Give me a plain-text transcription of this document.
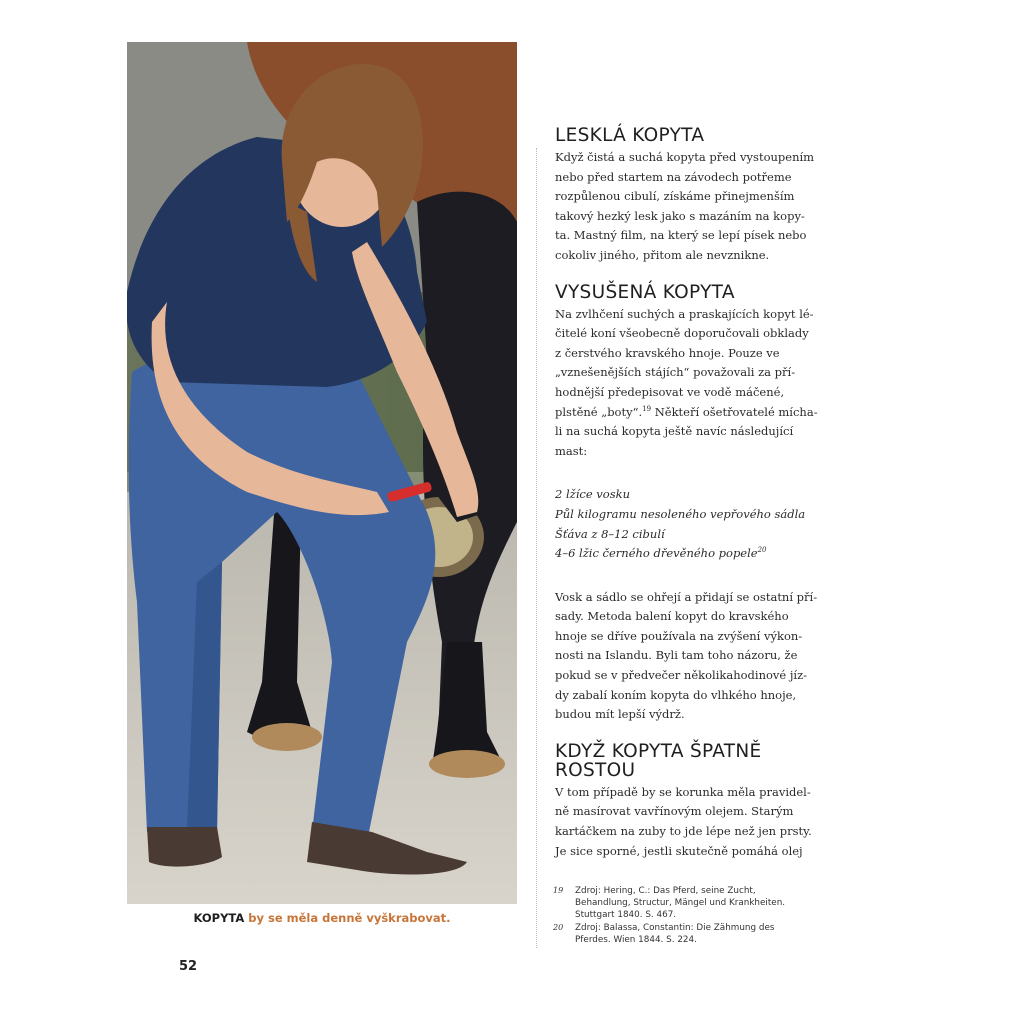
KOPYTA by se měla denně vyškrabovat.
52
LESKLÁ KOPYTA

Když čistá a suchá kopyta před vystoupením
nebo před startem na závodech potřeme
rozpůlenou cibulí, získáme přinejmenším
takový hezký lesk jako s mazáním na kopy-
ta. Mastný film, na který se lepí písek nebo
cokoliv jiného, přitom ale nevznikne.

VYSUŠENÁ KOPYTA

Na zvlhčení suchých a praskajících kopyt lé-
čitelé koní všeobecně doporučovali obklady
z čerstvého kravského hnoje. Pouze ve
„vznešenějších stájích“ považovali za pří-
hodnější předepisovat ve vodě máčené,
plstěné „boty“.$^{19}$ Někteří ošetřovatelé mícha-
li na suchá kopyta ještě navíc následující
mast:

2 lžíce vosku
Půl kilogramu nesoleného vepřového sádla
Šťáva z 8–12 cibulí
4–6 lžic černého dřevěného popele$^{20}$

Vosk a sádlo se ohřejí a přidají se ostatní pří-
sady. Metoda balení kopyt do kravského
hnoje se dříve používala na zvýšení výkon-
nosti na Islandu. Byli tam toho názoru, že
pokud se v předvečer několikahodinové jíz-
dy zabalí koním kopyta do vlhkého hnoje,
budou mít lepší výdrž.

KDYŽ KOPYTA ŠPATNĚ
ROSTOU

V tom případě by se korunka měla pravidel-
ně masírovat vavřínovým olejem. Starým
kartáčkem na zuby to jde lépe než jen prsty.
Je sice sporné, jestli skutečně pomáhá olej

19	Zdroj: Hering, C.: Das Pferd, seine Zucht,
Behandlung, Structur, Mängel und Krankheiten.
Stuttgart 1840. S. 467.
20	Zdroj: Balassa, Constantin: Die Zähmung des
Pferdes. Wien 1844. S. 224.
